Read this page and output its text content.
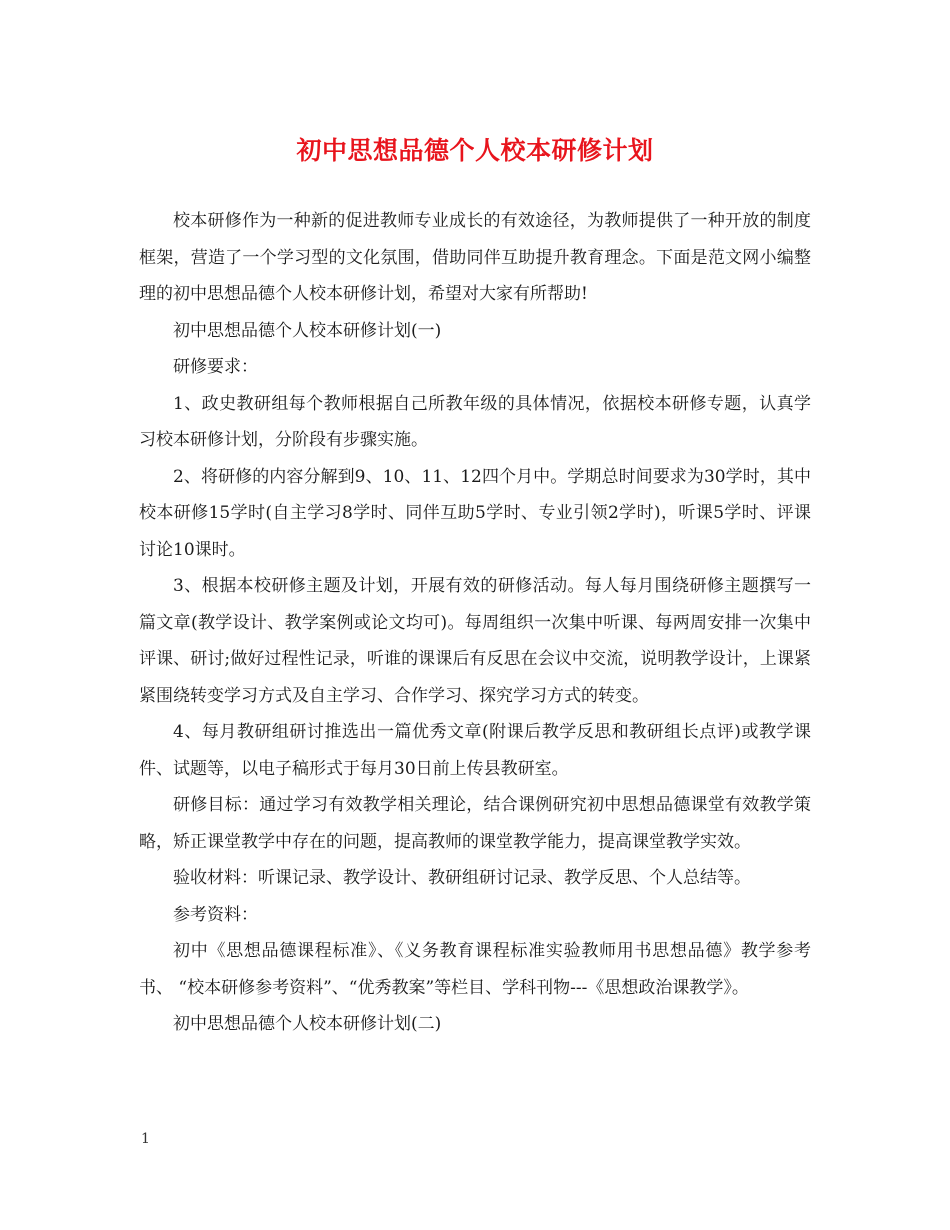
初中思想品德个人校本研修计划

校本研修作为一种新的促进教师专业成长的有效途径，为教师提供了一种开放的制度框架，营造了一个学习型的文化氛围，借助同伴互助提升教育理念。下面是范文网小编整理的初中思想品德个人校本研修计划，希望对大家有所帮助!

初中思想品德个人校本研修计划(一)

研修要求：

1、政史教研组每个教师根据自己所教年级的具体情况，依据校本研修专题，认真学习校本研修计划，分阶段有步骤实施。

2、将研修的内容分解到9、10、11、12四个月中。学期总时间要求为30学时，其中校本研修15学时(自主学习8学时、同伴互助5学时、专业引领2学时)，听课5学时、评课讨论10课时。

3、根据本校研修主题及计划，开展有效的研修活动。每人每月围绕研修主题撰写一篇文章(教学设计、教学案例或论文均可)。每周组织一次集中听课、每两周安排一次集中评课、研讨;做好过程性记录，听谁的课课后有反思在会议中交流，说明教学设计，上课紧紧围绕转变学习方式及自主学习、合作学习、探究学习方式的转变。

4、每月教研组研讨推选出一篇优秀文章(附课后教学反思和教研组长点评)或教学课件、试题等，以电子稿形式于每月30日前上传县教研室。

研修目标：通过学习有效教学相关理论，结合课例研究初中思想品德课堂有效教学策略，矫正课堂教学中存在的问题，提高教师的课堂教学能力，提高课堂教学实效。

验收材料：听课记录、教学设计、教研组研讨记录、教学反思、个人总结等。

参考资料：

初中《思想品德课程标准》、《义务教育课程标准实验教师用书思想品德》教学参考书、 “校本研修参考资料”、“优秀教案”等栏目、学科刊物---《思想政治课教学》。

初中思想品德个人校本研修计划(二)

1
